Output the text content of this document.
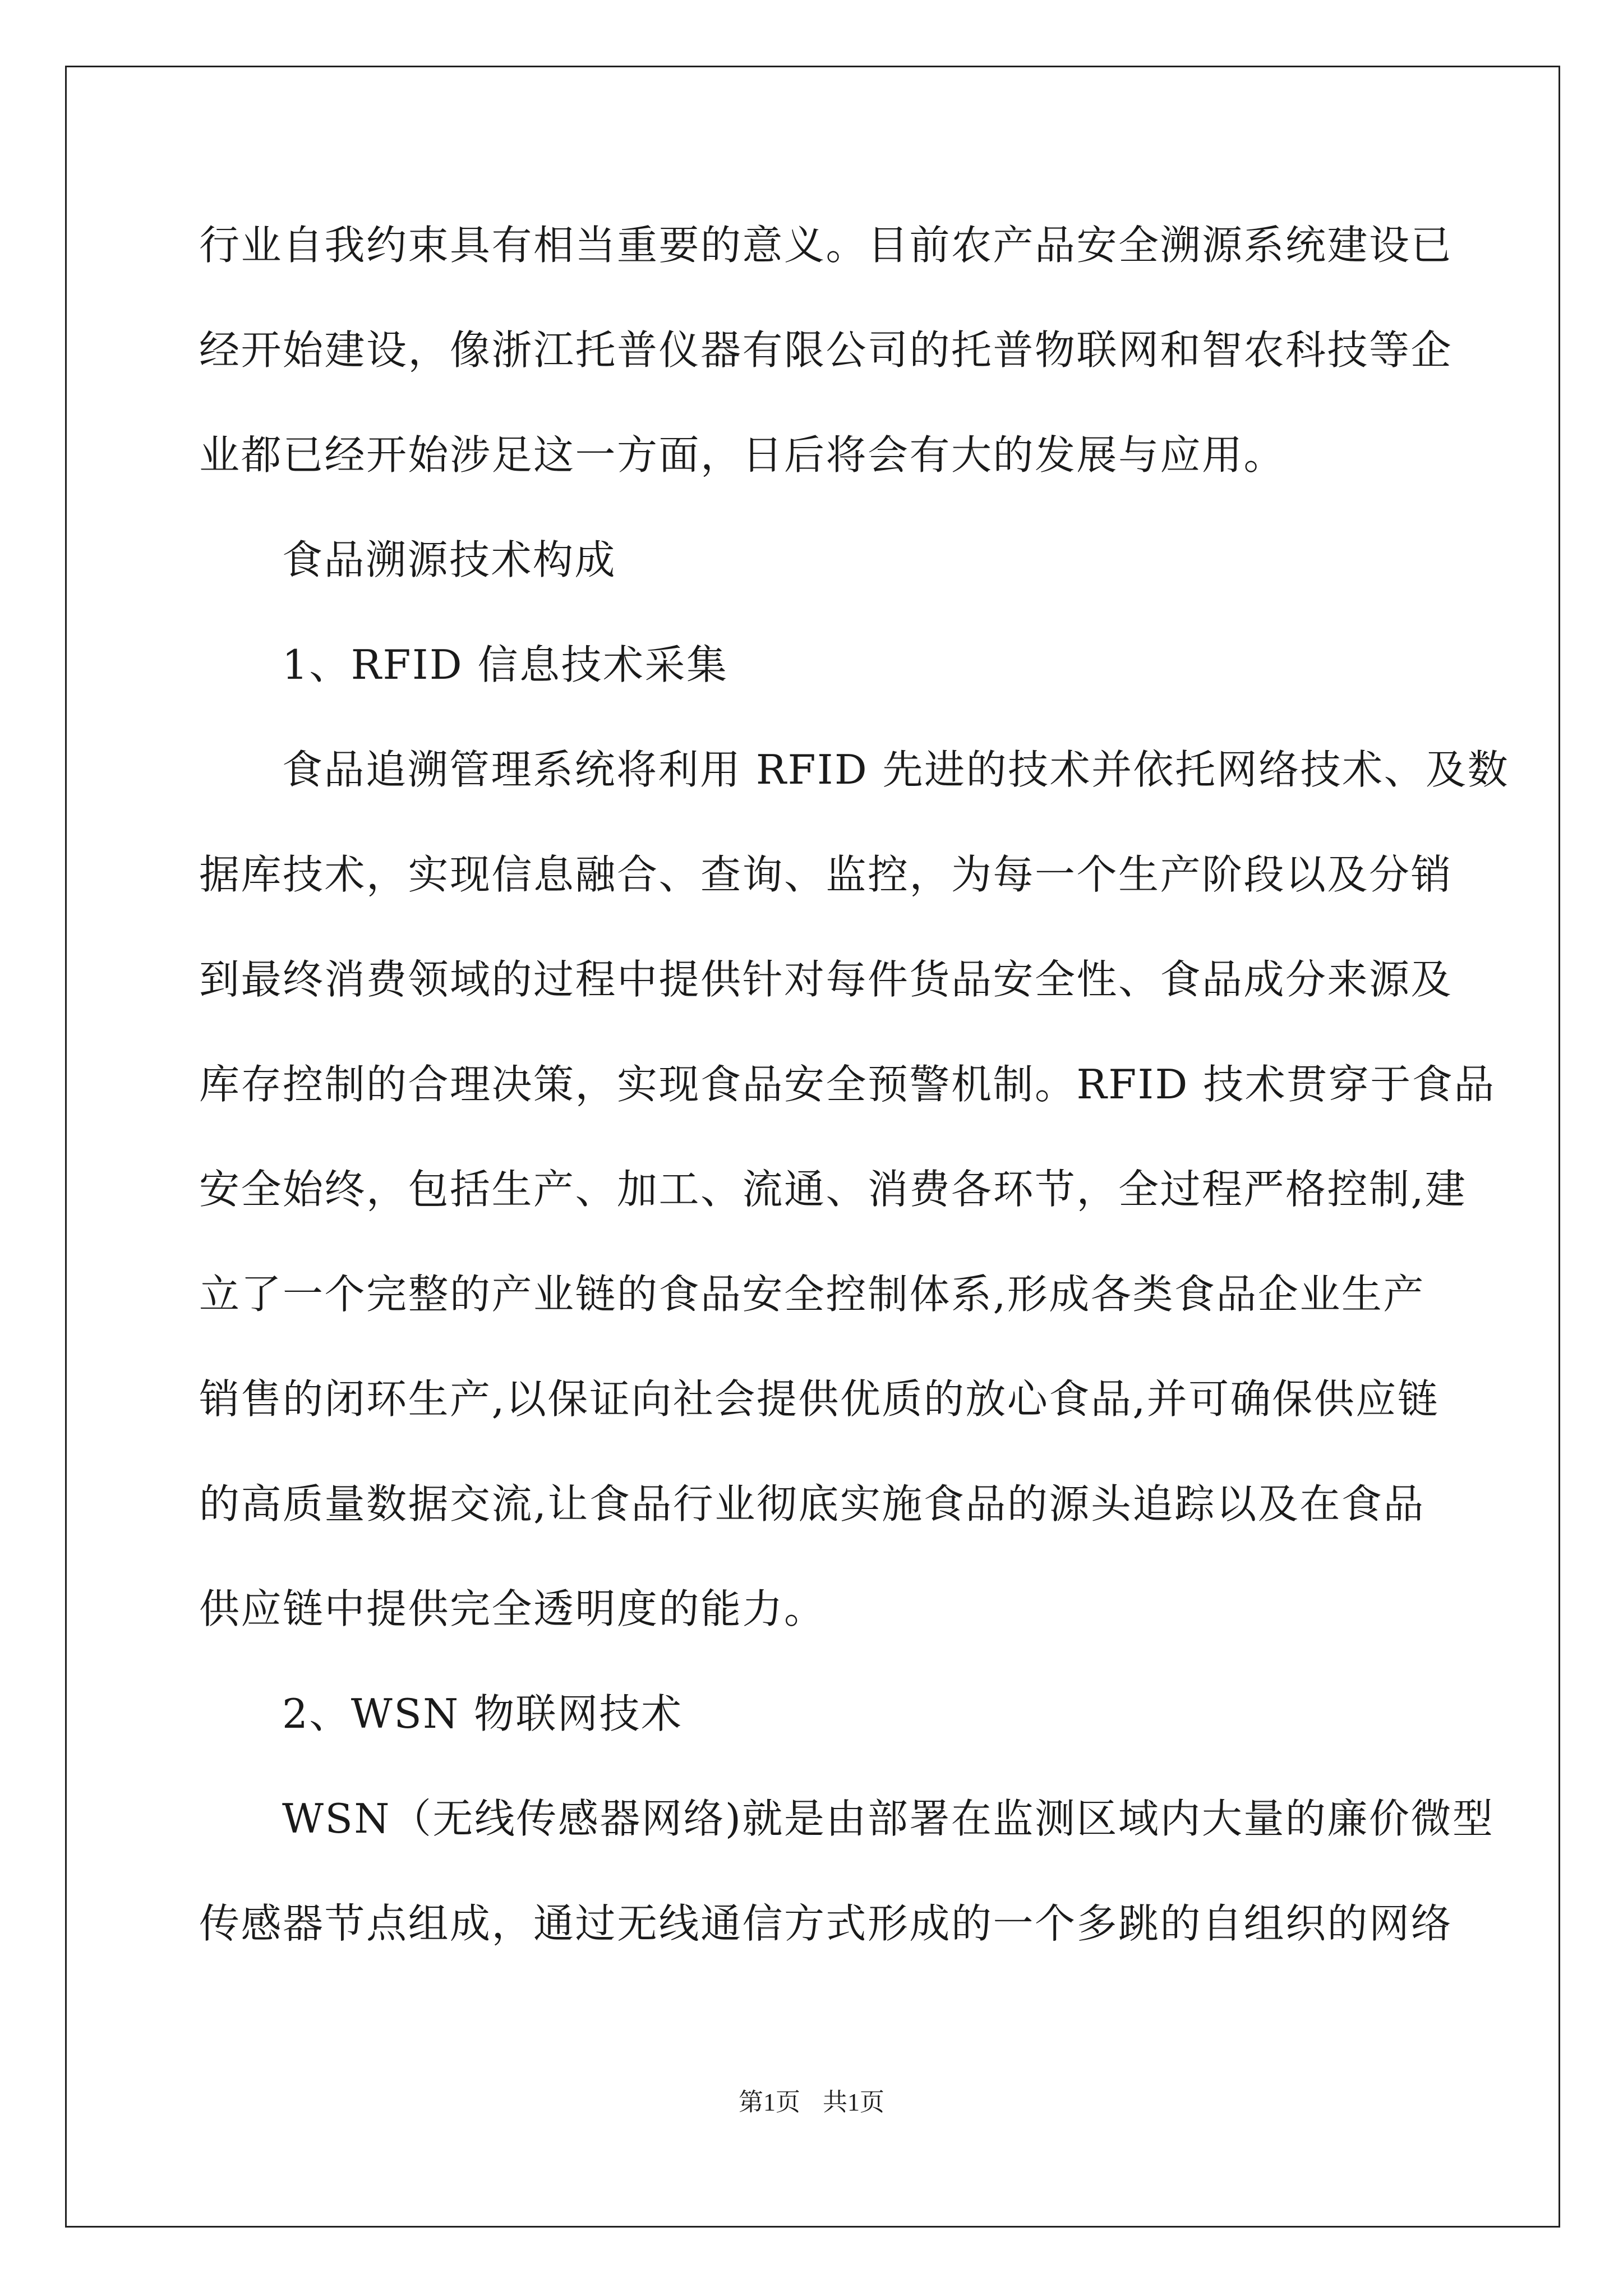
行业自我约束具有相当重要的意义。目前农产品安全溯源系统建设已
经开始建设，像浙江托普仪器有限公司的托普物联网和智农科技等企
业都已经开始涉足这一方面，日后将会有大的发展与应用。
食品溯源技术构成
1、RFID 信息技术采集
食品追溯管理系统将利用 RFID 先进的技术并依托网络技术、及数
据库技术，实现信息融合、查询、监控，为每一个生产阶段以及分销
到最终消费领域的过程中提供针对每件货品安全性、食品成分来源及
库存控制的合理决策，实现食品安全预警机制。RFID 技术贯穿于食品
安全始终，包括生产、加工、流通、消费各环节，全过程严格控制,建
立了一个完整的产业链的食品安全控制体系,形成各类食品企业生产
销售的闭环生产,以保证向社会提供优质的放心食品,并可确保供应链
的高质量数据交流,让食品行业彻底实施食品的源头追踪以及在食品
供应链中提供完全透明度的能力。
2、WSN 物联网技术
WSN（无线传感器网络)就是由部署在监测区域内大量的廉价微型
传感器节点组成，通过无线通信方式形成的一个多跳的自组织的网络
第1页 共1页
